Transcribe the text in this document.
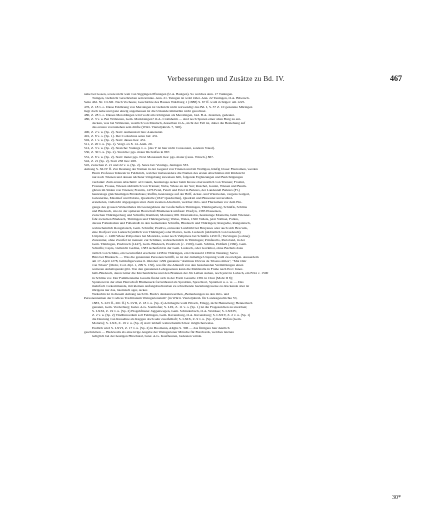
Verbesserungen und Zusätze zu Bd. IV.	467
nahe bei Gosen, sowie nicht weit von Siggingen Pflanzgen (U.A. Basigen). So welches Ann. 17 Tuningen.
Tuingen, vielleicht verschrieben sein könnte. Ann. 21. Tuingen ist wohl Oder. Ann. 22 Tuningen, O.A. Biberach.
Seite 462. Nr. CLXII. Nach Vochezer, Geschichte des Hauses Waldburg 1 (1888) S. 67 ff. wohl richtiger: um 1225.
476, Z. 18 v. o. Diese Erklärung von Meroingen ist vielleicht nicht notwendig: das Bd. I, S. 37 Z. 10 genannte Märingen
liegt doch nahe und ganz einzig angemessen ist die Urkunde immerhin nicht gerechnet.
480, Z. 28 v. o. Dieses Meroldingen wird wohl am richtigsten als Merolingen, bad. B.A. Jestetten, gedeutet.
480, Z. 3 v. u. Bei Wälsteten, Gem. Markloingen? O.A. Crailsheim — sind noch Spuren einer alten Burg zu ent-
decken, was bei Wälsteten, westlich von Maulach, desselben O.A., nicht der Fall ist, daher die Beziehung auf
das erstere vorzuziehen sein dürfte (Würt. Vierteljahrsh. 7, 320).
490, Z. 2 v. u. (Sp. 2). Statt: Aumenstatt lies: Aunenstatt.
491, Z. 8 v. o. (Sp. 1). Der Codswinus setze bei: 431.
502, Z. 1 v. u. (Sp. 2). Statt: dieses lies: 431.
511, Z. 20 v. u. (Sp. 1). Vergl. ox 8. 14. Anm. 20.
512, Z. 3 v. u. (Sp. 2). Streiche: Vonings v. o. (das Y ist hier nicht Consonant, sondern Vokal).
530, Z. 30 v. u. (Sp. 2). Streiche: pgs. maier Richolfus in 867.
531, Z. 8 v. u. (Sp. 2). Statt: maier pgs. Novi Monasterii lies: pgs. maier (reste. Wirsch.) 867.
542, Z. 21 (Sp. 2). Statt 238 lies: 268.
545, zwischen Z. 21 und 22 v. u. (Sp. 2). Setze bei: Vonings, Jeningen 333.
Anhang S. XLIV ff. Zur Deutung der Namen in der Gegend von Trienen und im Walligau, häufig bloser Flurnamen, werden
Herrn Professor Künzeir in Feldkirch, welcher insbesondere die Namen des ersten Abschnittes mit Rücksicht
nur nach Trienen und dessen nächster Umgebung zuweisen hält, folgende Ergänzungen und Berichtigungen
verdankt: Zum ersten Abschnitt: ad Cruum, heutzutage Acker beim Krone oberwestlich von Trienen; Fraxini,
Frasnen, Frouse, Wiesen südöstlich von Trienen; Nabe, Wiese an der Sur; Ruschel, Gaulet, Wiesen und Baum-
gärten im Süden von Trienen; Frentin, 1476 Fetel, Fetelt und Ertel in Balzers, der Landesteil Balzers (Fl.)
heutzutage gleichnamigen Bröderhaus; Ruffin, heutzutage auf der Böff, Acker- und Wiesboden, vergens Galgeri,
Galesterine, Mastinof und Palotte, Quadrelle (1847 Quadrellen), Quadrati und Blasonier unverständ-
ersteholen, vielleicht abgegangen sind. Zum zweiten Abschnitt, welcher Orts- und Flurnamen vor dem Ein-
gange des grossen Walserthales im Grenzgebiete der Grafschaften Thüringen, Thüringerberg, Schnifis, Schlins
und Bludesch, also in der späteren Herrschaft Blumeneck umfasst: Plasfyn, 1385 Plasseisen,
zwischen Thüringerberg und Schnifis; Rumleid, Montena; 681 Montanislos, heutzutage Monteliu, beim Wienzer-
fahr zwischen Bludesch, Thüringen und Thüringerberg; Walse, Wales, 1560 Valleis, jetzt Valliset, Fallen,
daraus Falleshalten und Falleshalb in den Gemeinden Schnifis, Bludesch und Thüringen; Rongadie, Rungalatsch,
wahrscheinlich Rongalatsch, Gem. Schnifis; Pradiva, entweder Lutzbühl bei Bruyanes oder auch sich Bracwik,
eine Dorfpart von Ludesch (südlich von Thüringen) oder Pianva, Gem. Ludesch (südöstlich von Ludesch);
Uzipiter, c. 1400 Wiese Pollpoltera bei Montiola, sonst noch Vulipitere bei Schnifis 1459 ff.; Turvingen (a ohne);
Zurzentier, ohne Zweifel ist trennen: zur Schmier, wahrscheinlich in Thüringen; Prinfarello, Purtoland, in der
Gem. Thüringen, Pradörsch (1447), Gem. Bludesch, Pradörsch (c. 1500), Gem. Schlins, Pidiferh (1360), Gem.
Schnifis; Capia, vielleicht Gadina, 1383 Acherfeld in der Gem. Ludesch, oder Gavinhor, ohne Bachuls dazu
östlich von Schlins, ein Gewindfeld erscheint 1438 in Thüringen, ein Chranzeld 1399 in Nenzing; Serva
Bürs bei Bludesch. — Was die genannten Personen betrifft, so ist der damalige Ursprung wohl zu erwägen. Ausserdem
am 17. April 1278, beiläufigerweise 6. Oktober 1299 genannte "dominus Ulricus de Trisano miles", "Mat Ozir
von Trisen" (Mohr, Cod. dipl. 1, 299 S. 150), was für die Abkunft von den bestehenden Vermittlungen einen
weiteren Anhaltspunkt gibt. Von den genannten Lehrgesetzen kann die Mahlstalle in Fruhe nach Prov Inner-
halb-Bludesch, deren Güter die Kirchenbrücke und den Brunnen der Jm Leiben stehen, noch jetzt in Lubach, ein Fritz c. 1500
in Schlins vor. Der Familienname Gassile findet sich in der Form Gastelle 1381 in Chur (Mohr II 8);
Spratterei in der alten Herrschaft Blumeneck fortwährend als Sprattlen, Sprachtort, Sprattiert u. a. w. — Das
mehrfach vorkommende, mit kleinen Anfangsbuchstaben zu schreibende beziehungsweise zu druckende aber ist
übrigens nur das, lateinisch ager, Acker.
Weiterhin ist in diesem Anhang nach Dr. Buck's dankenswerthen „Bemerkungen zu den Orts- und
Personennamen der Codices Traditionum Weingartensium" (in Württ. Vierteljahrsh. für Landesgeschichte VI,
1883, S. 223 ff., 261 ff.) S. LVII, Z. 18 v. u. (Sp. 2) Achthegile wohl Eibach, Eilegg, nicht Henneberg; Hennetbach
genannt, Gem. Vorderburg; Isaler. A.G. Sonthofen; S. LIX, Z. 11 v. o. (Sp. 1) ist die Fragezeichen zu streichen;
S. LXXI, Z. 19 v. u. (Sp. 2) Eisgehfinster Jaggenwegen, Gem. Schinderbach, O.A. Waldsee; S. LXXIV,
Z. 2 v. u. (Sp. 2) Vindlinnordum soll Fehlingen, Gem. Ravensburg, O.A. Ravensburg; S. LXXV, Z. 2 v. u. (Sp. 1)
die Deutung von Rasseline als Raggen doch sehr zweifelhaft; S. LXIX, Z. 9 v. u. (Sp. 2) lies: Hofen (Gem.
Molaris); S. LXX, Z. 19 v. u. (Sp. 2) statt: lebhaft wahrscheinlich lies: möglicherweise.
Endlich wird S. LXVI, Z. 17 v. u. (Sp. 2) in Buomann, Alighs S. 306 — das fürtigere hier deutlich
geschrieben — Hudewalts als eine irrige Angabe der Weingartener Mönche für Burchards, welches letztere
lediglich bei der heutigen Hirschatal, bater. A.G. Kaufbeuren, bedeuten würde.
30*
